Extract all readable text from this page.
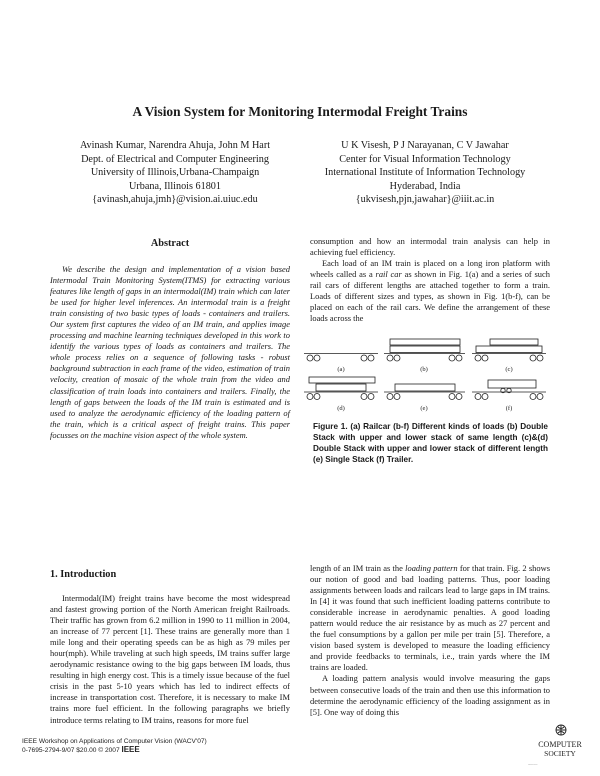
A Vision System for Monitoring Intermodal Freight Trains
Avinash Kumar, Narendra Ahuja, John M Hart
Dept. of Electrical and Computer Engineering
University of Illinois,Urbana-Champaign
Urbana, Illinois 61801
{avinash,ahuja,jmh}@vision.ai.uiuc.edu
U K Visesh, P J Narayanan, C V Jawahar
Center for Visual Information Technology
International Institute of Information Technology
Hyderabad, India
{ukvisesh,pjn,jawahar}@iiit.ac.in
Abstract

We describe the design and implementation of a vision based Intermodal Train Monitoring System(ITMS) for extracting various features like length of gaps in an intermodal(IM) train which can later be used for higher level inferences. An intermodal train is a freight train consisting of two basic types of loads - containers and trailers. Our system first captures the video of an IM train, and applies image processing and machine learning techniques developed in this work to identify the various types of loads as containers and trailers. The whole process relies on a sequence of following tasks - robust background subtraction in each frame of the video, estimation of train velocity, creation of mosaic of the whole train from the video and classification of train loads into containers and trailers. Finally, the length of gaps between the loads of the IM train is estimated and is used to analyze the aerodynamic efficiency of the loading pattern of the train, which is a critical aspect of freight trains. This paper focusses on the machine vision aspect of the whole system.

1. Introduction

Intermodal(IM) freight trains have become the most widespread and fastest growing portion of the North American freight Railroads. Their traffic has grown from 6.2 million in 1990 to 11 million in 2004, an increase of 77 percent [1]. These trains are generally more than 1 mile long and their operating speeds can be as high as 79 miles per hour(mph). While traveling at such high speeds, IM trains suffer large aerodynamic resistance owing to the big gaps between IM loads, thus resulting in high energy cost. This is a timely issue because of the fuel crisis in the past 5-10 years which has led to indirect effects of increase in transportation cost. Therefore, it is necessary to make IM trains more fuel efficient. In the following paragraphs we briefly introduce terms relating to IM trains, reasons for more fuel

consumption and how an intermodal train analysis can help in achieving fuel efficiency.

Each load of an IM train is placed on a long iron platform with wheels called as a rail car as shown in Fig. 1(a) and a series of such rail cars of different lengths are attached together to form a train. Loads of different sizes and types, as shown in Fig. 1(b-f), can be placed on each of the rail cars. We define the arrangement of these loads across the

(a)	(b)	(c)
(d)	(e)	(f)
Figure 1. (a) Railcar (b-f) Different kinds of loads (b) Double Stack with upper and lower stack of same length (c)&(d) Double Stack with upper and lower stack of different length (e) Single Stack (f) Trailer.

length of an IM train as the loading pattern for that train. Fig. 2 shows our notion of good and bad loading patterns. Thus, poor loading assignments between loads and railcars lead to large gaps in IM trains. In [4] it was found that such inefficient loading patterns contribute to considerable increase in aerodynamic penalties. A good loading pattern would reduce the air resistance by as much as 27 percent and the fuel consumptions by a gallon per mile per train [5]. Therefore, a vision based system is developed to measure the loading efficiency and provide feedbacks to terminals, i.e., train yards where the IM trains are loaded.

A loading pattern analysis would involve measuring the gaps between consecutive loads of the train and then use this information to determine the aerodynamic efficiency of the loading assignment as in [5]. One way of doing this

IEEE Workshop on Applications of Computer Vision (WACV'07)
0-7695-2794-9/07 $20.00 © 2007 IEEE
COMPUTER
SOCIETY
